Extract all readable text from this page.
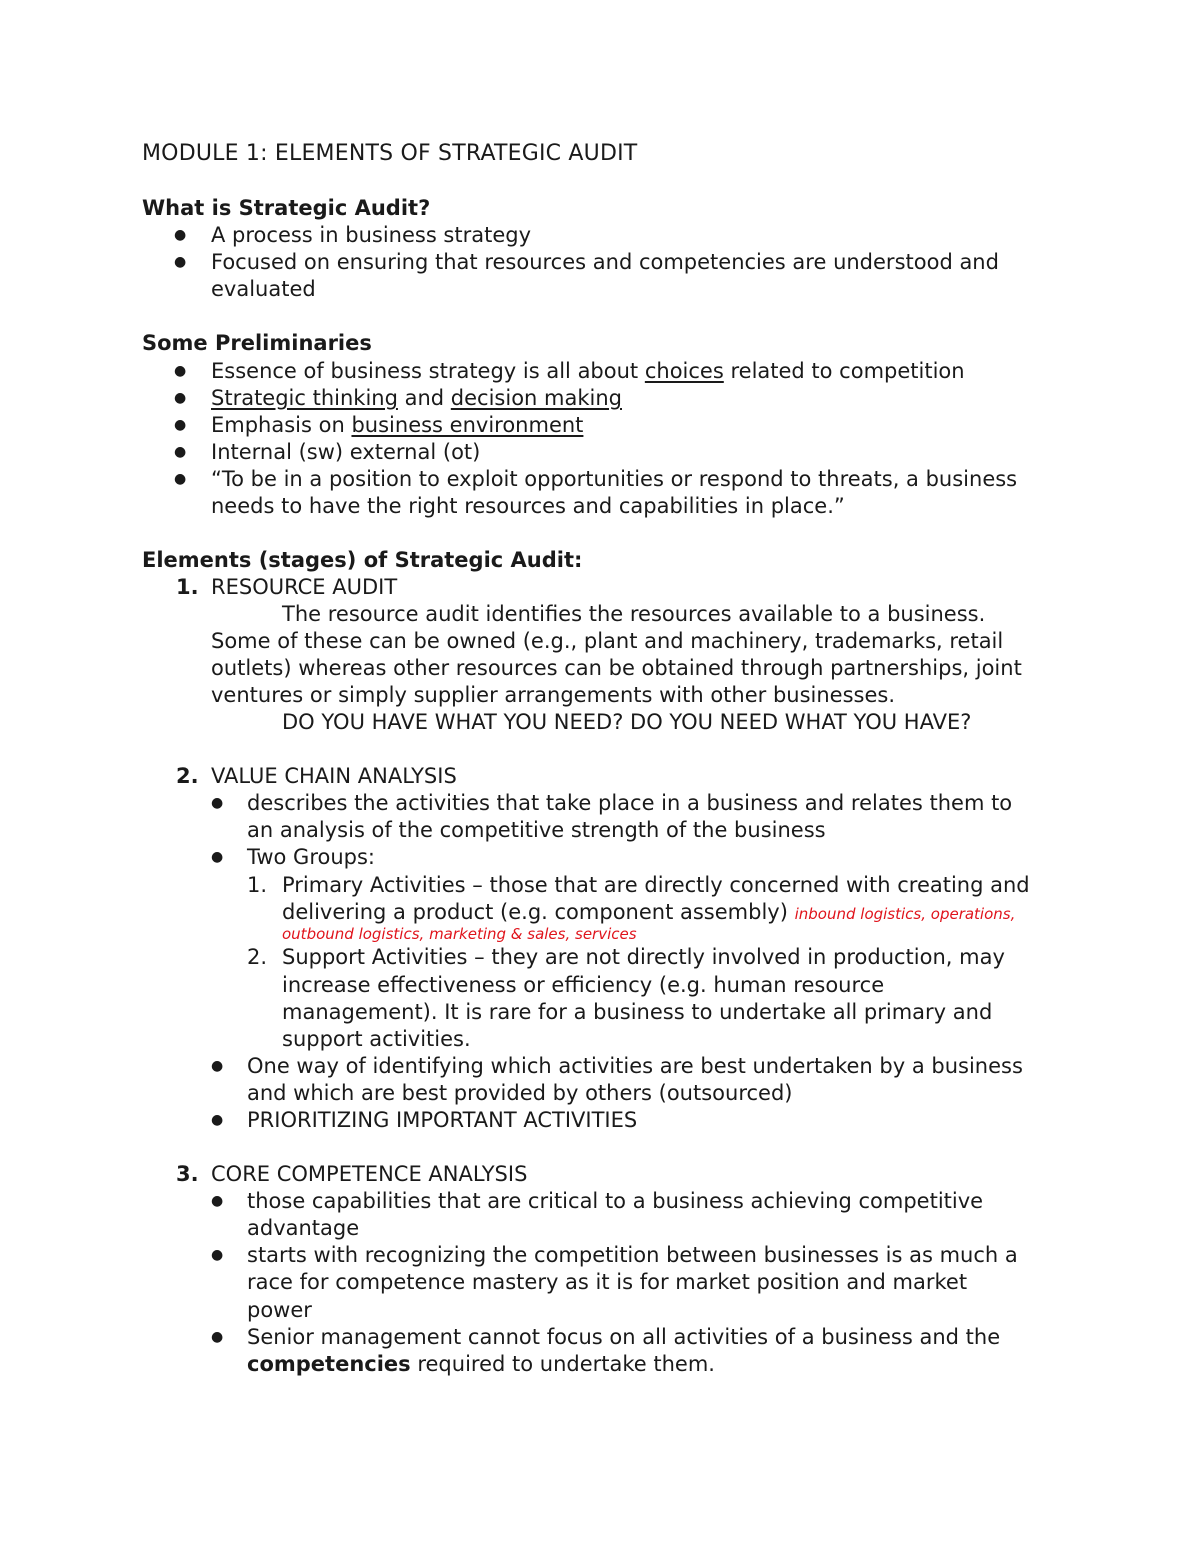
MODULE 1: ELEMENTS OF STRATEGIC AUDIT
What is Strategic Audit?
● A process in business strategy
● Focused on ensuring that resources and competencies are understood and
evaluated
Some Preliminaries
● Essence of business strategy is all about choices related to competition
● Strategic thinking and decision making
● Emphasis on business environment
● Internal (sw) external (ot)
● “To be in a position to exploit opportunities or respond to threats, a business
needs to have the right resources and capabilities in place.”
Elements (stages) of Strategic Audit:
1. RESOURCE AUDIT
The resource audit identifies the resources available to a business.
Some of these can be owned (e.g., plant and machinery, trademarks, retail
outlets) whereas other resources can be obtained through partnerships, joint
ventures or simply supplier arrangements with other businesses.
DO YOU HAVE WHAT YOU NEED? DO YOU NEED WHAT YOU HAVE?
2. VALUE CHAIN ANALYSIS
● describes the activities that take place in a business and relates them to
an analysis of the competitive strength of the business
● Two Groups:
1. Primary Activities – those that are directly concerned with creating and
delivering a product (e.g. component assembly) inbound logistics, operations,
outbound logistics, marketing & sales, services
2. Support Activities – they are not directly involved in production, may
increase effectiveness or efficiency (e.g. human resource
management). It is rare for a business to undertake all primary and
support activities.
● One way of identifying which activities are best undertaken by a business
and which are best provided by others (outsourced)
● PRIORITIZING IMPORTANT ACTIVITIES
3. CORE COMPETENCE ANALYSIS
● those capabilities that are critical to a business achieving competitive
advantage
● starts with recognizing the competition between businesses is as much a
race for competence mastery as it is for market position and market
power
● Senior management cannot focus on all activities of a business and the
competencies required to undertake them.
